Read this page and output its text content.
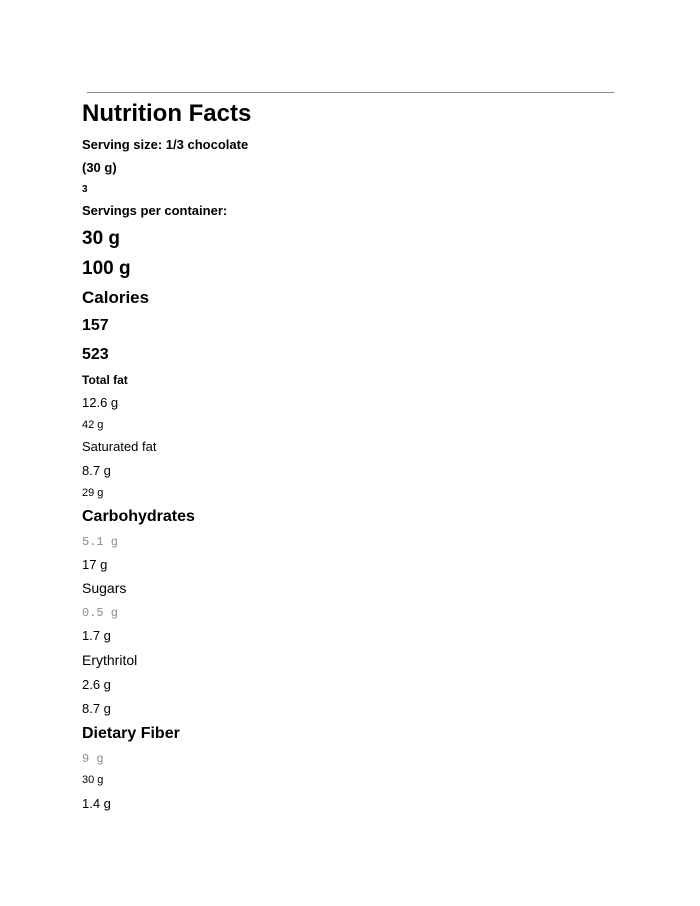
Nutrition Facts

Serving size: 1/3 chocolate

(30 g)

3

Servings per container:

30 g

100 g

Calories

157

523

Total fat

12.6 g

42 g

Saturated fat

8.7 g

29 g

Carbohydrates

5.1 g

17 g

Sugars

0.5 g

1.7 g

Erythritol

2.6 g

8.7 g

Dietary Fiber

9 g

30 g

1.4 g
